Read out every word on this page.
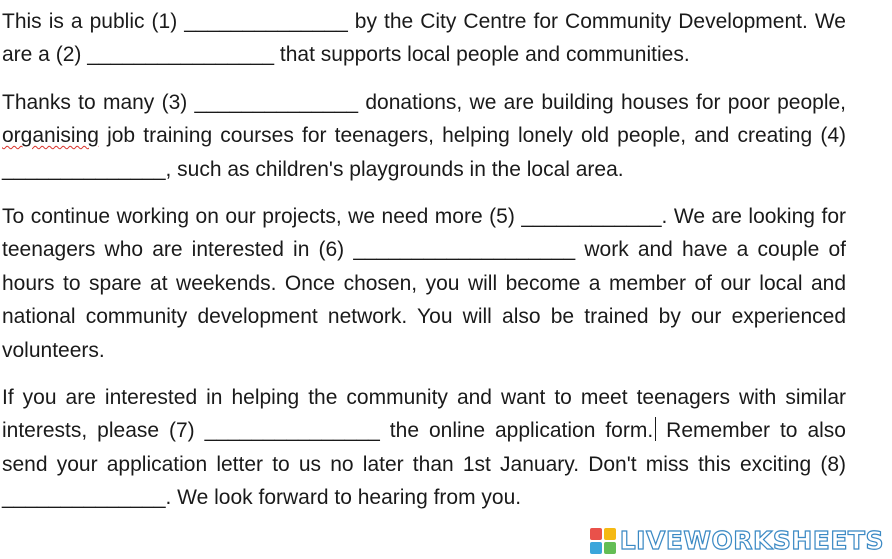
This is a public (1) ______________ by the City Centre for Community Development. We are a (2) ________________ that supports local people and communities.

Thanks to many (3) ______________ donations, we are building houses for poor people, organising job training courses for teenagers, helping lonely old people, and creating (4) ______________, such as children's playgrounds in the local area.

To continue working on our projects, we need more (5) ____________. We are looking for teenagers who are interested in (6) ___________________ work and have a couple of hours to spare at weekends. Once chosen, you will become a member of our local and national community development network. You will also be trained by our experienced volunteers.

If you are interested in helping the community and want to meet teenagers with similar interests, please (7) _______________ the online application form. Remember to also send your application letter to us no later than 1st January. Don't miss this exciting (8) ______________. We look forward to hearing from you.

LIVEWORKSHEETS
